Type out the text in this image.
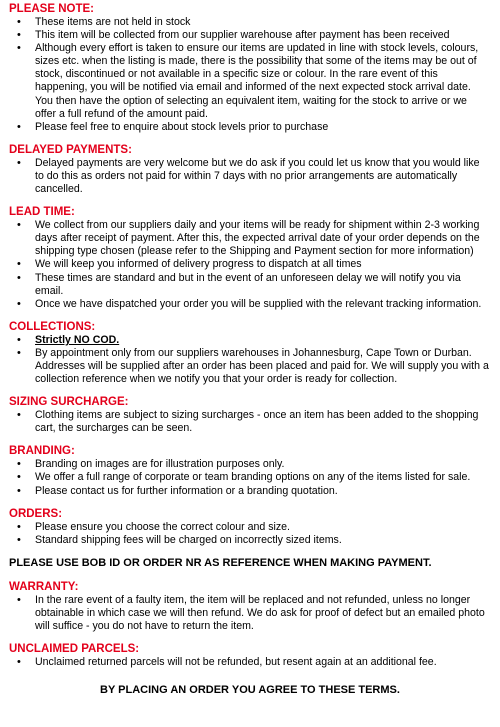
PLEASE NOTE:
• These items are not held in stock
• This item will be collected from our supplier warehouse after payment has been received
• Although every effort is taken to ensure our items are updated in line with stock levels, colours, sizes etc. when the listing is made, there is the possibility that some of the items may be out of stock, discontinued or not available in a specific size or colour. In the rare event of this happening, you will be notified via email and informed of the next expected stock arrival date. You then have the option of selecting an equivalent item, waiting for the stock to arrive or we offer a full refund of the amount paid.
• Please feel free to enquire about stock levels prior to purchase
DELAYED PAYMENTS:
• Delayed payments are very welcome but we do ask if you could let us know that you would like to do this as orders not paid for within 7 days with no prior arrangements are automatically cancelled.
LEAD TIME:
• We collect from our suppliers daily and your items will be ready for shipment within 2-3 working days after receipt of payment. After this, the expected arrival date of your order depends on the shipping type chosen (please refer to the Shipping and Payment section for more information)
• We will keep you informed of delivery progress to dispatch at all times
• These times are standard and but in the event of an unforeseen delay we will notify you via email.
• Once we have dispatched your order you will be supplied with the relevant tracking information.
COLLECTIONS:
• Strictly NO COD.
• By appointment only from our suppliers warehouses in Johannesburg, Cape Town or Durban. Addresses will be supplied after an order has been placed and paid for. We will supply you with a collection reference when we notify you that your order is ready for collection.
SIZING SURCHARGE:
• Clothing items are subject to sizing surcharges - once an item has been added to the shopping cart, the surcharges can be seen.
BRANDING:
• Branding on images are for illustration purposes only.
• We offer a full range of corporate or team branding options on any of the items listed for sale.
• Please contact us for further information or a branding quotation.
ORDERS:
• Please ensure you choose the correct colour and size.
• Standard shipping fees will be charged on incorrectly sized items.
PLEASE USE BOB ID OR ORDER NR AS REFERENCE WHEN MAKING PAYMENT.
WARRANTY:
• In the rare event of a faulty item, the item will be replaced and not refunded, unless no longer obtainable in which case we will then refund. We do ask for proof of defect but an emailed photo will suffice - you do not have to return the item.
UNCLAIMED PARCELS:
• Unclaimed returned parcels will not be refunded, but resent again at an additional fee.
BY PLACING AN ORDER YOU AGREE TO THESE TERMS.
